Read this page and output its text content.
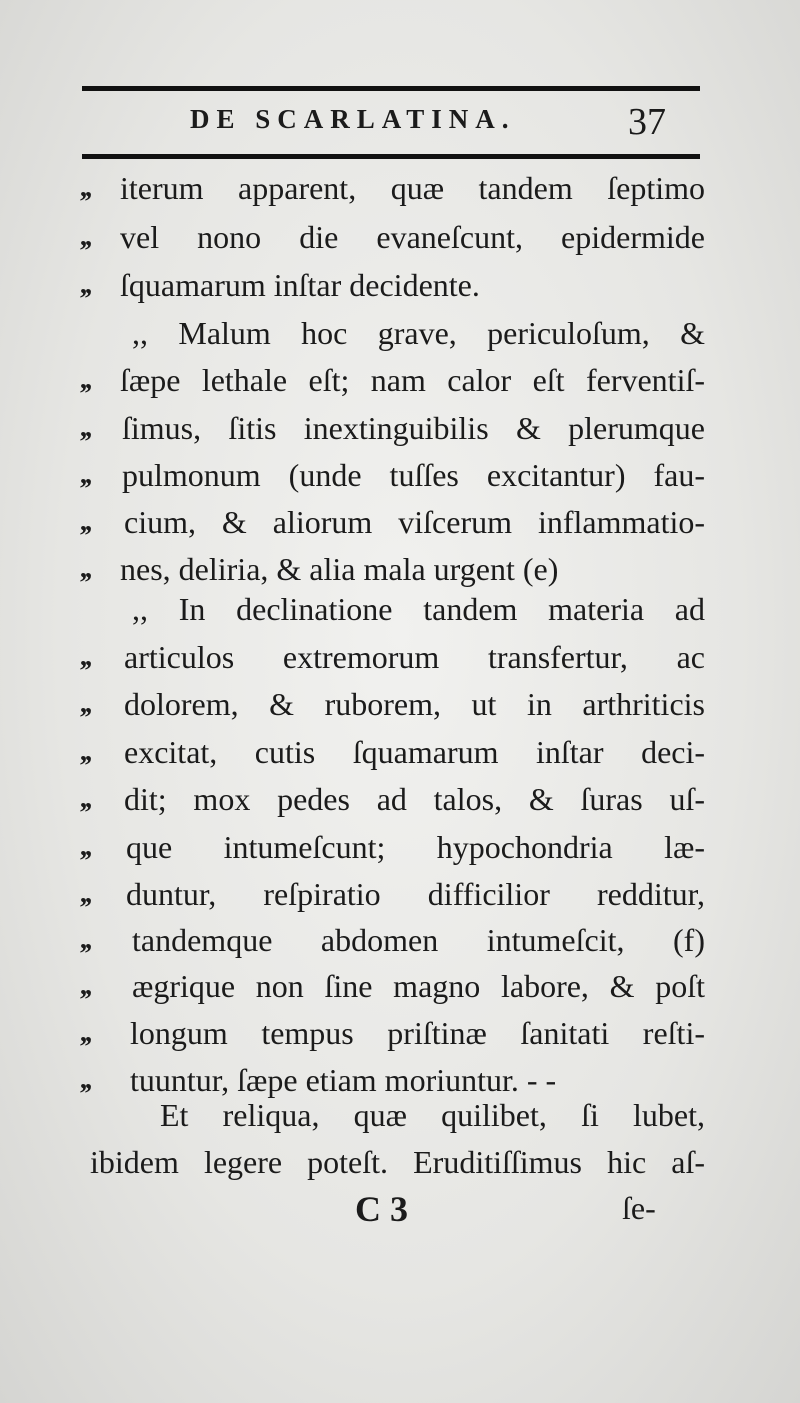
DE SCARLATINA.	37
,, iterum apparent, quæ tandem ſeptimo
,, vel nono die evaneſcunt, epidermide
,, ſquamarum inſtar decidente.
,, Malum hoc grave, periculoſum, &
,, ſæpe lethale eſt; nam calor eſt ferventiſ-
,, ſimus, ſitis inextinguibilis & plerumque
,, pulmonum (unde tuſſes excitantur) fau-
,, cium, & aliorum viſcerum inflammatio-
,, nes, deliria, & alia mala urgent (e)
,, In declinatione tandem materia ad
,, articulos extremorum transfertur, ac
,, dolorem, & ruborem, ut in arthriticis
,, excitat, cutis ſquamarum inſtar deci-
,, dit; mox pedes ad talos, & ſuras uſ-
,, que intumeſcunt; hypochondria læ-
,, duntur, reſpiratio difficilior redditur,
,, tandemque abdomen intumeſcit, (f)
,, ægrique non ſine magno labore, & poſt
,, longum tempus priſtinæ ſanitati reſti-
,, tuuntur, ſæpe etiam moriuntur. - -
Et reliqua, quæ quilibet, ſi lubet,
ibidem legere poteſt. Eruditiſſimus hic aſ-
C 3	ſe-
